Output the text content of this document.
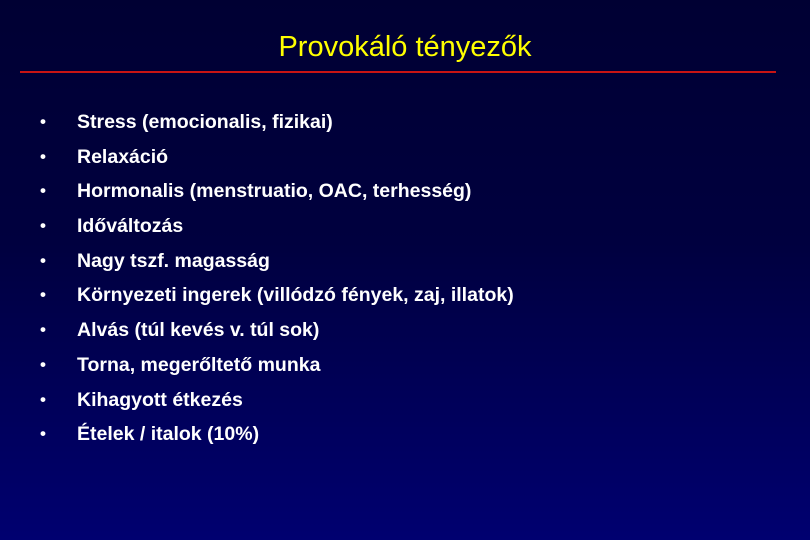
Provokáló tényezők
•	Stress (emocionalis, fizikai)
•	Relaxáció
•	Hormonalis (menstruatio, OAC, terhesség)
•	Időváltozás
•	Nagy tszf. magasság
•	Környezeti ingerek (villódzó fények, zaj, illatok)
•	Alvás (túl kevés v. túl sok)
•	Torna, megerőltető munka
•	Kihagyott étkezés
•	Ételek / italok (10%)
